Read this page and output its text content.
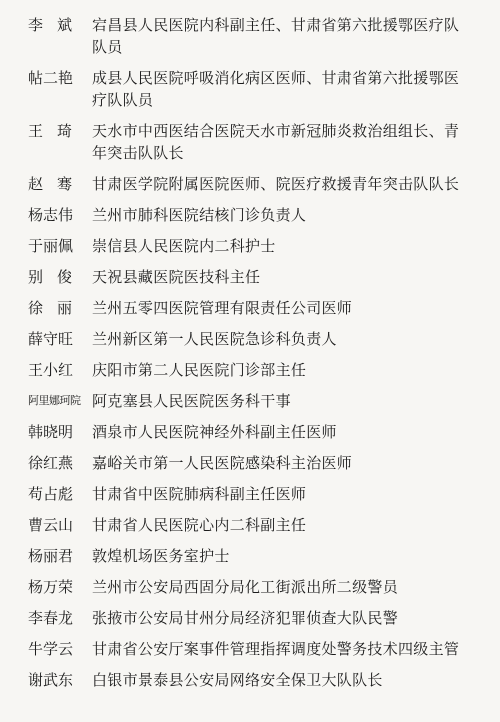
李斌 宕昌县人民医院内科副主任、甘肃省第六批援鄂医疗队队员
帖二艳	成县人民医院呼吸消化病区医师、甘肃省第六批援鄂医疗队队员
王琦 天水市中西医结合医院天水市新冠肺炎救治组组长、青年突击队队长
赵骞 甘肃医学院附属医院医师、院医疗救援青年突击队队长
杨志伟	兰州市肺科医院结核门诊负责人
于丽佩	崇信县人民医院内二科护士
别俊 天祝县藏医院医技科主任
徐丽 兰州五零四医院管理有限责任公司医师
薛守旺	兰州新区第一人民医院急诊科负责人
王小红	庆阳市第二人民医院门诊部主任
阿里娜珂院 阿克塞县人民医院医务科干事
韩晓明	酒泉市人民医院神经外科副主任医师
徐红燕	嘉峪关市第一人民医院感染科主治医师
苟占彪	甘肃省中医院肺病科副主任医师
曹云山	甘肃省人民医院心内二科副主任
杨丽君	敦煌机场医务室护士
杨万荣	兰州市公安局西固分局化工街派出所二级警员
李春龙	张掖市公安局甘州分局经济犯罪侦查大队民警
牛学云	甘肃省公安厅案事件管理指挥调度处警务技术四级主管
谢武东	白银市景泰县公安局网络安全保卫大队队长
